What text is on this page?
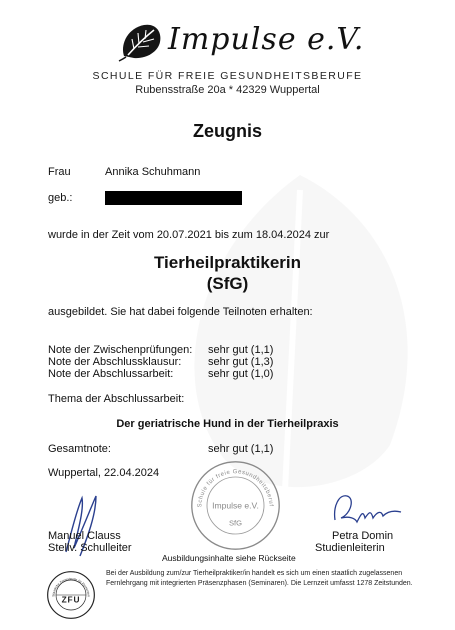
Impulse e.V.
SCHULE FÜR FREIE GESUNDHEITSBERUFE
Rubensstraße 20a * 42329 Wuppertal
Zeugnis
Frau	Annika Schuhmann
geb.:
wurde in der Zeit vom 20.07.2021 bis zum 18.04.2024 zur
Tierheilpraktikerin
(SfG)
ausgebildet. Sie hat dabei folgende Teilnoten erhalten:
Note der Zwischenprüfungen: sehr gut (1,1)
Note der Abschlussklausur: sehr gut (1,3)
Note der Abschlussarbeit:	sehr gut (1,0)
Thema der Abschlussarbeit:
Der geriatrische Hund in der Tierheilpraxis
Gesamtnote:	sehr gut (1,1)
Wuppertal, 22.04.2024
Schule für freie Gesundheitsberuf
Impulse e.V.
SfG
Manuel Clauss
Stellv. Schulleiter
Petra Domin
Studienleiterin
Ausbildungsinhalte siehe Rückseite
Staatliche Zentralstelle für Fernunterr
ZFU
Bei der Ausbildung zum/zur Tierheilpraktiker/in handelt es sich um einen staatlich zugelassenen Fernlehrgang mit integrierten Präsenzphasen (Seminaren). Die Lernzeit umfasst 1278 Zeitstunden.
